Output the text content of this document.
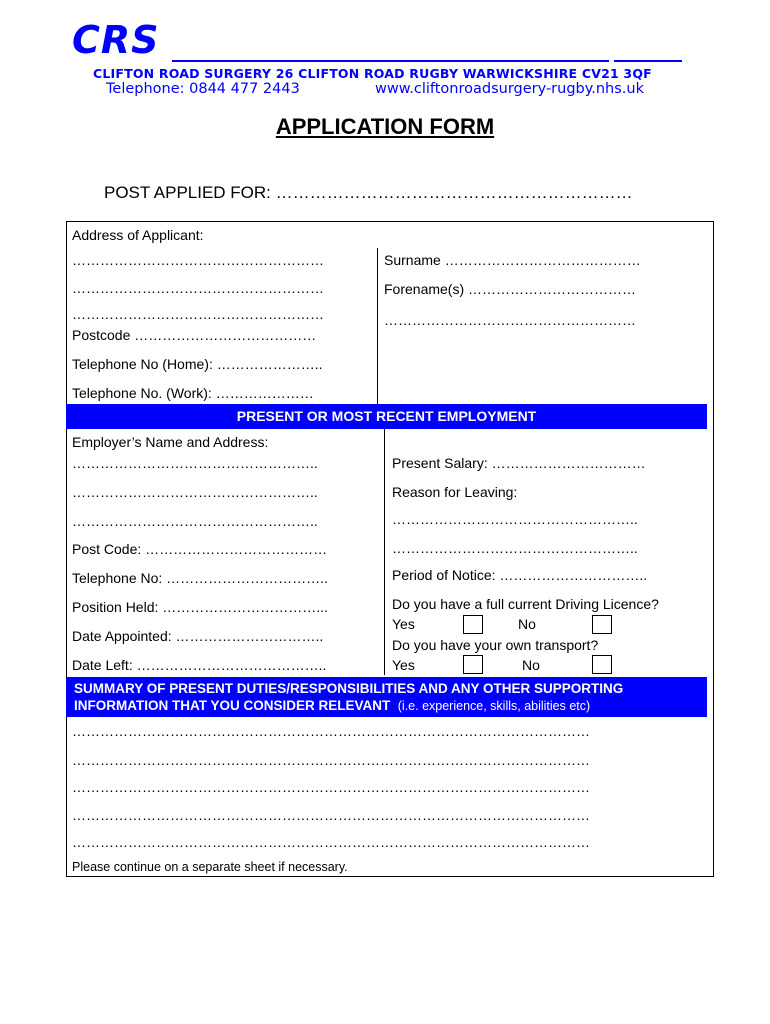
CRS
CLIFTON ROAD SURGERY 26 CLIFTON ROAD RUGBY WARWICKSHIRE CV21 3QF
Telephone: 0844 477 2443	www.cliftonroadsurgery-rugby.nhs.uk
APPLICATION FORM
POST APPLIED FOR: ………………………………………………………
Address of Applicant:
………………………………………………
………………………………………………
………………………………………………
Postcode …………………………………
Telephone No (Home): …………………..
Telephone No. (Work): …………………
Surname ……………………………………
Forename(s) ………………………………
………………………………………………
PRESENT OR MOST RECENT EMPLOYMENT
Employer’s Name and Address:
……………………………………………..
……………………………………………..
……………………………………………..
Post Code: …………………………………
Telephone No: ……………………………..
Position Held: ……………………………...
Date Appointed: …………………………..
Date Left: …………………………………..
Present Salary: ……………………………
Reason for Leaving:
……………………………………………..
……………………………………………..
Period of Notice: …………………………..
Do you have a full current Driving Licence?
Yes	No
Do you have your own transport?
Yes	No
SUMMARY OF PRESENT DUTIES/RESPONSIBILITIES AND ANY OTHER SUPPORTING
INFORMATION THAT YOU CONSIDER RELEVANT (i.e. experience, skills, abilities etc)
…………………………………………………………………………………………………
…………………………………………………………………………………………………
…………………………………………………………………………………………………
…………………………………………………………………………………………………
…………………………………………………………………………………………………
Please continue on a separate sheet if necessary.
